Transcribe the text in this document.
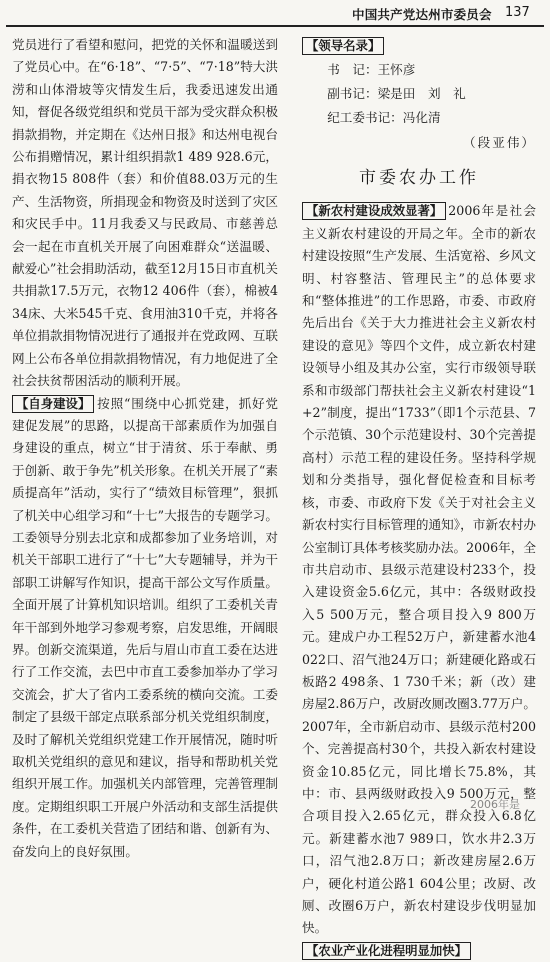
中国共产党达州市委员会 137

党员进行了看望和慰问，把党的关怀和温暖送到了党员心中。在“6·18”、“7·5”、“7·18”特大洪涝和山体滑坡等灾情发生后，我委迅速发出通知，督促各级党组织和党员干部为受灾群众积极捐款捐物，并定期在《达州日报》和达州电视台公布捐赠情况，累计组织捐款1 489 928.6元，捐衣物15 808件（套）和价值88.03万元的生产、生活物资，所捐现金和物资及时送到了灾区和灾民手中。11月我委又与民政局、市慈善总会一起在市直机关开展了向困难群众“送温暖、献爱心”社会捐助活动，截至12月15日市直机关共捐款17.5万元，衣物12 406件（套），棉被434床、大米545千克、食用油310千克，并将各单位捐款捐物情况进行了通报并在党政网、互联网上公布各单位捐款捐物情况，有力地促进了全社会扶贫帮困活动的顺利开展。

【自身建设】 按照“围绕中心抓党建，抓好党建促发展”的思路，以提高干部素质作为加强自身建设的重点，树立“甘于清贫、乐于奉献、勇于创新、敢于争先”机关形象。在机关开展了“素质提高年”活动，实行了“绩效目标管理”，狠抓了机关中心组学习和“十七”大报告的专题学习。工委领导分别去北京和成都参加了业务培训，对机关干部职工进行了“十七”大专题辅导，并为干部职工讲解写作知识，提高干部公文写作质量。全面开展了计算机知识培训。组织了工委机关青年干部到外地学习参观考察，启发思维，开阔眼界。创新交流渠道，先后与眉山市直工委在达进行了工作交流，去巴中市直工委参加举办了学习交流会，扩大了省内工委系统的横向交流。工委制定了县级干部定点联系部分机关党组织制度，及时了解机关党组织党建工作开展情况，随时听取机关党组织的意见和建议，指导和帮助机关党组织开展工作。加强机关内部管理，完善管理制度。定期组织职工开展户外活动和支部生活提供条件，在工委机关营造了团结和谐、创新有为、奋发向上的良好氛围。

【领导名录】
书　记：王怀彦
副书记：梁是田　刘　礼
纪工委书记：冯化清
（段亚伟）
市委农办工作

【新农村建设成效显著】 2006年是社会主义新农村建设的开局之年。全市的新农村建设按照“生产发展、生活宽裕、乡风文明、村容整洁、管理民主”的总体要求和“整体推进”的工作思路，市委、市政府先后出台《关于大力推进社会主义新农村建设的意见》等四个文件，成立新农村建设领导小组及其办公室，实行市级领导联系和市级部门帮扶社会主义新农村建设“1+2”制度，提出“1733”（即1个示范县、7个示范镇、30个示范建设村、30个完善提高村）示范工程的建设任务。坚持科学规划和分类指导，强化督促检查和目标考核，市委、市政府下发《关于对社会主义新农村实行目标管理的通知》，市新农村办公室制订具体考核奖励办法。2006年，全市共启动市、县级示范建设村233个，投入建设资金5.6亿元，其中：各级财政投入5 500万元，整合项目投入9 800万元。建成户办工程52万户，新建蓄水池4 022口、沼气池24万口；新建硬化路或石板路2 498条、1 730千米；新（改）建房屋2.86万户，改厨改厕改圈3.77万户。2007年，全市新启动市、县级示范村200个、完善提高村30个，共投入新农村建设资金10.85亿元，同比增长75.8%，其中：市、县两级财政投入9 500万元，整合项目投入2.65亿元，群众投入6.8亿元。新建蓄水池7 989口，饮水井2.3万口，沼气池2.8万口；新改建房屋2.6万户，硬化村道公路1 604公里；改厨、改厕、改圈6万户，新农村建设步伐明显加快。

【农业产业化进程明显加快】

2006年是
